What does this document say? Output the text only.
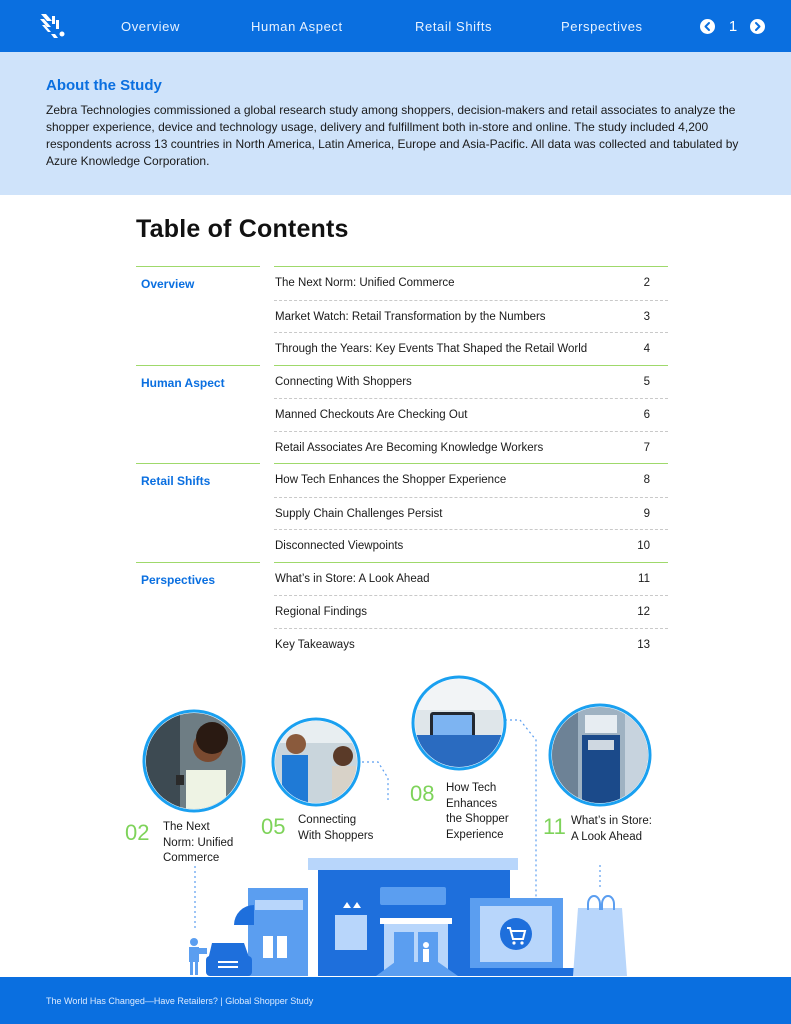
Overview	Human Aspect	Retail Shifts	Perspectives	1
About the Study

Zebra Technologies commissioned a global research study among shoppers, decision-makers and retail associates to analyze the shopper experience, device and technology usage, delivery and fulfillment both in-store and online. The study included 4,200 respondents across 13 countries in North America, Latin America, Europe and Asia-Pacific. All data was collected and tabulated by Azure Knowledge Corporation.

Table of Contents
Overview	The Next Norm: Unified Commerce	2
Market Watch: Retail Transformation by the Numbers	3
Through the Years: Key Events That Shaped the Retail World	4
Human Aspect	Connecting With Shoppers	5
Manned Checkouts Are Checking Out	6
Retail Associates Are Becoming Knowledge Workers	7
Retail Shifts	How Tech Enhances the Shopper Experience	8
Supply Chain Challenges Persist	9
Disconnected Viewpoints	10
Perspectives	What’s in Store: A Look Ahead	11
Regional Findings	12
Key Takeaways	13
02 The Next
Norm: Unified
Commerce
05 Connecting
With Shoppers
08 How Tech
Enhances
the Shopper
Experience 11 What’s in Store:
A Look Ahead
The World Has Changed—Have Retailers? | Global Shopper Study
